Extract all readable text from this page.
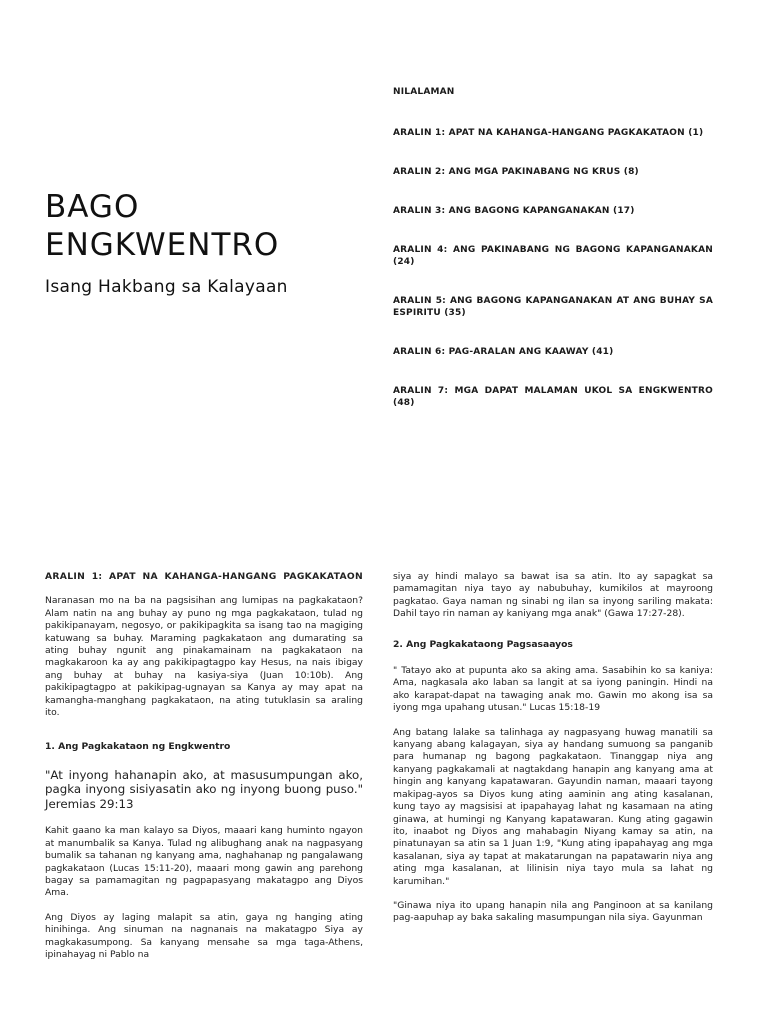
BAGO
ENGKWENTRO
Isang Hakbang sa Kalayaan
NILALAMAN
ARALIN 1: APAT NA KAHANGA-HANGANG PAGKAKATAON (1)
ARALIN 2: ANG MGA PAKINABANG NG KRUS (8)
ARALIN 3: ANG BAGONG KAPANGANAKAN (17)
ARALIN 4: ANG PAKINABANG NG BAGONG KAPANGANAKAN (24)
ARALIN 5: ANG BAGONG KAPANGANAKAN AT ANG BUHAY SA ESPIRITU (35)
ARALIN 6: PAG-ARALAN ANG KAAWAY (41)
ARALIN 7: MGA DAPAT MALAMAN UKOL SA ENGKWENTRO (48)
ARALIN 1: APAT NA KAHANGA-HANGANG PAGKAKATAON

Naranasan mo na ba na pagsisihan ang lumipas na pagkakataon? Alam natin na ang buhay ay puno ng mga pagkakataon, tulad ng pakikipanayam, negosyo, or pakikipagkita sa isang tao na magiging katuwang sa buhay. Maraming pagkakataon ang dumarating sa ating buhay ngunit ang pinakamainam na pagkakataon na magkakaroon ka ay ang pakikipagtagpo kay Hesus, na nais ibigay ang buhay at buhay na kasiya-siya (Juan 10:10b). Ang pakikipagtagpo at pakikipag-ugnayan sa Kanya ay may apat na kamangha-manghang pagkakataon, na ating tutuklasin sa araling ito.

1. Ang Pagkakataon ng Engkwentro
"At inyong hahanapin ako, at masusumpungan ako, pagka inyong sisiyasatin ako ng inyong buong puso." Jeremias 29:13

Kahit gaano ka man kalayo sa Diyos, maaari kang huminto ngayon at manumbalik sa Kanya. Tulad ng alibughang anak na nagpasyang bumalik sa tahanan ng kanyang ama, naghahanap ng pangalawang pagkakataon (Lucas 15:11-20), maaari mong gawin ang parehong bagay sa pamamagitan ng pagpapasyang makatagpo ang Diyos Ama.

Ang Diyos ay laging malapit sa atin, gaya ng hanging ating hinihinga. Ang sinuman na nagnanais na makatagpo Siya ay magkakasumpong. Sa kanyang mensahe sa mga taga-Athens, ipinahayag ni Pablo na

siya ay hindi malayo sa bawat isa sa atin. Ito ay sapagkat sa pamamagitan niya tayo ay nabubuhay, kumikilos at mayroong pagkatao. Gaya naman ng sinabi ng ilan sa inyong sariling makata: Dahil tayo rin naman ay kaniyang mga anak" (Gawa 17:27-28).

2. Ang Pagkakataong Pagsasaayos

" Tatayo ako at pupunta ako sa aking ama. Sasabihin ko sa kaniya: Ama, nagkasala ako laban sa langit at sa iyong paningin. Hindi na ako karapat-dapat na tawaging anak mo. Gawin mo akong isa sa iyong mga upahang utusan." Lucas 15:18-19

Ang batang lalake sa talinhaga ay nagpasyang huwag manatili sa kanyang abang kalagayan, siya ay handang sumuong sa panganib para humanap ng bagong pagkakataon. Tinanggap niya ang kanyang pagkakamali at nagtakdang hanapin ang kanyang ama at hingin ang kanyang kapatawaran. Gayundin naman, maaari tayong makipag-ayos sa Diyos kung ating aaminin ang ating kasalanan, kung tayo ay magsisisi at ipapahayag lahat ng kasamaan na ating ginawa, at humingi ng Kanyang kapatawaran. Kung ating gagawin ito, inaabot ng Diyos ang mahabagin Niyang kamay sa atin, na pinatunayan sa atin sa 1 Juan 1:9, "Kung ating ipapahayag ang mga kasalanan, siya ay tapat at makatarungan na papatawarin niya ang ating mga kasalanan, at lilinisin niya tayo mula sa lahat ng karumihan."

"Ginawa niya ito upang hanapin nila ang Panginoon at sa kanilang pag-aapuhap ay baka sakaling masumpungan nila siya. Gayunman
